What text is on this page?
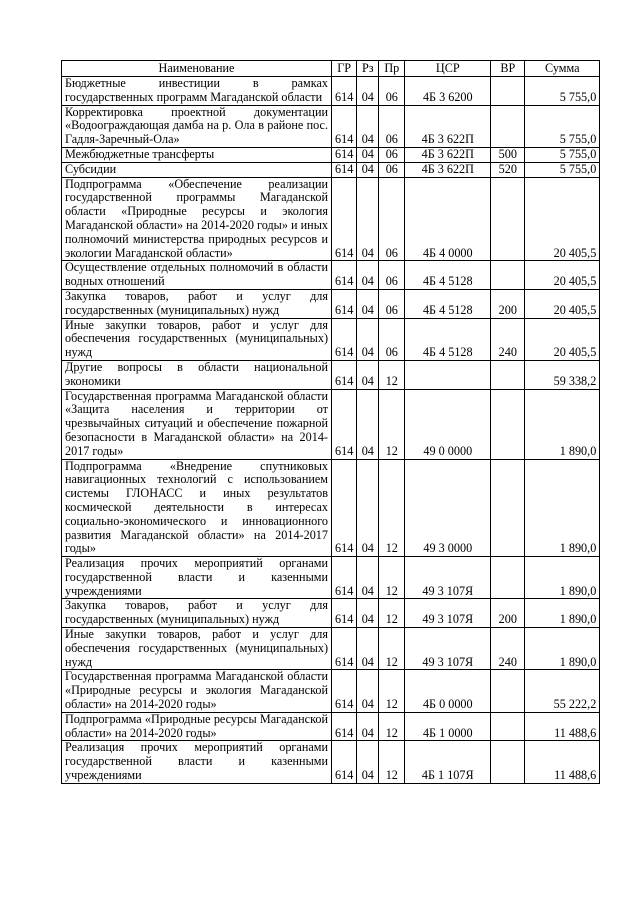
Наименование	ГР	Рз	Пр	ЦСР	ВР	Сумма
Бюджетные инвестиции в рамках государственных программ Магаданской области	614	04	06	4Б 3 6200		5 755,0
Корректировка проектной документации «Водоограждающая дамба на р. Ола в районе пос. Гадля-Заречный-Ола»	614	04	06	4Б 3 622П		5 755,0
Межбюджетные трансферты	614	04	06	4Б 3 622П	500	5 755,0
Субсидии	614	04	06	4Б 3 622П	520	5 755,0
Подпрограмма «Обеспечение реализации государственной программы Магаданской области «Природные ресурсы и экология Магаданской области» на 2014-2020 годы» и иных полномочий министерства природных ресурсов и экологии Магаданской области»	614	04	06	4Б 4 0000		20 405,5
Осуществление отдельных полномочий в области водных отношений	614	04	06	4Б 4 5128		20 405,5
Закупка товаров, работ и услуг для государственных (муниципальных) нужд	614	04	06	4Б 4 5128	200	20 405,5
Иные закупки товаров, работ и услуг для обеспечения государственных (муниципальных) нужд	614	04	06	4Б 4 5128	240	20 405,5
Другие вопросы в области национальной экономики	614	04	12			59 338,2
Государственная программа Магаданской области «Защита населения и территории от чрезвычайных ситуаций и обеспечение пожарной безопасности в Магаданской области» на 2014-2017 годы»	614	04	12	49 0 0000		1 890,0
Подпрограмма «Внедрение спутниковых навигационных технологий с использованием системы ГЛОНАСС и иных результатов космической деятельности в интересах социально-экономического и инновационного развития Магаданской области» на 2014-2017 годы»	614	04	12	49 3 0000		1 890,0
Реализация прочих мероприятий органами государственной власти и казенными учреждениями	614	04	12	49 3 107Я		1 890,0
Закупка товаров, работ и услуг для государственных (муниципальных) нужд	614	04	12	49 3 107Я	200	1 890,0
Иные закупки товаров, работ и услуг для обеспечения государственных (муниципальных) нужд	614	04	12	49 3 107Я	240	1 890,0
Государственная программа Магаданской области «Природные ресурсы и экология Магаданской области» на 2014-2020 годы»	614	04	12	4Б 0 0000		55 222,2
Подпрограмма «Природные ресурсы Магаданской области» на 2014-2020 годы»	614	04	12	4Б 1 0000		11 488,6
Реализация прочих мероприятий органами государственной власти и казенными учреждениями	614	04	12	4Б 1 107Я		11 488,6
